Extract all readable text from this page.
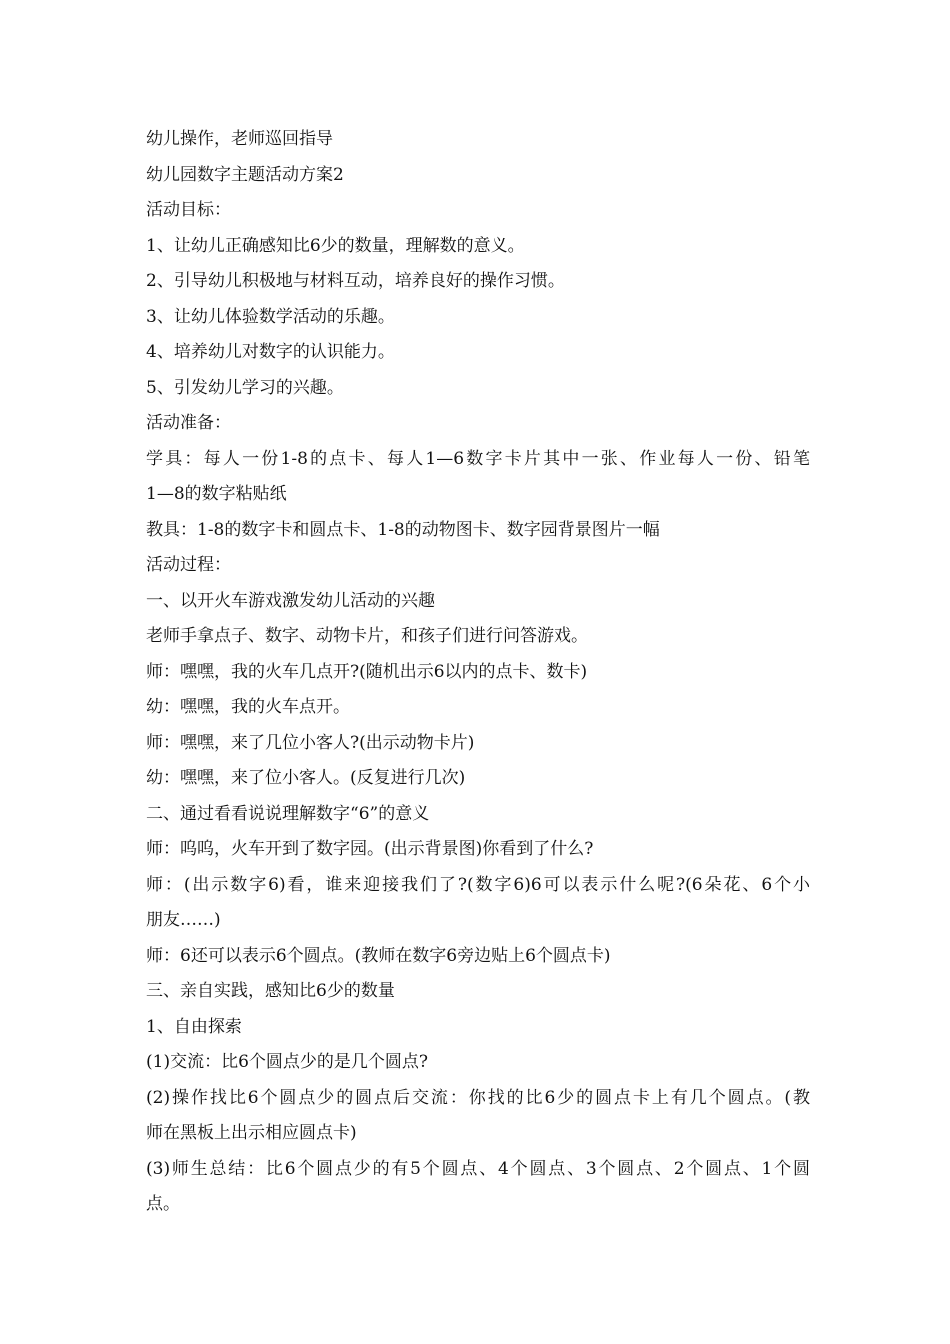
幼儿操作，老师巡回指导
幼儿园数字主题活动方案2
活动目标：
1、让幼儿正确感知比6少的数量，理解数的意义。
2、引导幼儿积极地与材料互动，培养良好的操作习惯。
3、让幼儿体验数学活动的乐趣。
4、培养幼儿对数字的认识能力。
5、引发幼儿学习的兴趣。
活动准备：
学具：每人一份1-8的点卡、每人1—6数字卡片其中一张、作业每人一份、铅笔
1—8的数字粘贴纸
教具：1-8的数字卡和圆点卡、1-8的动物图卡、数字园背景图片一幅
活动过程：
一、以开火车游戏激发幼儿活动的兴趣
老师手拿点子、数字、动物卡片，和孩子们进行问答游戏。
师：嘿嘿，我的火车几点开?(随机出示6以内的点卡、数卡)
幼：嘿嘿，我的火车点开。
师：嘿嘿，来了几位小客人?(出示动物卡片)
幼：嘿嘿，来了位小客人。(反复进行几次)
二、通过看看说说理解数字“6”的意义
师：呜呜，火车开到了数字园。(出示背景图)你看到了什么?
师：(出示数字6)看，谁来迎接我们了?(数字6)6可以表示什么呢?(6朵花、6个小
朋友……)
师：6还可以表示6个圆点。(教师在数字6旁边贴上6个圆点卡)
三、亲自实践，感知比6少的数量
1、自由探索
(1)交流：比6个圆点少的是几个圆点?
(2)操作找比6个圆点少的圆点后交流：你找的比6少的圆点卡上有几个圆点。(教
师在黑板上出示相应圆点卡)
(3)师生总结：比6个圆点少的有5个圆点、4个圆点、3个圆点、2个圆点、1个圆
点。
